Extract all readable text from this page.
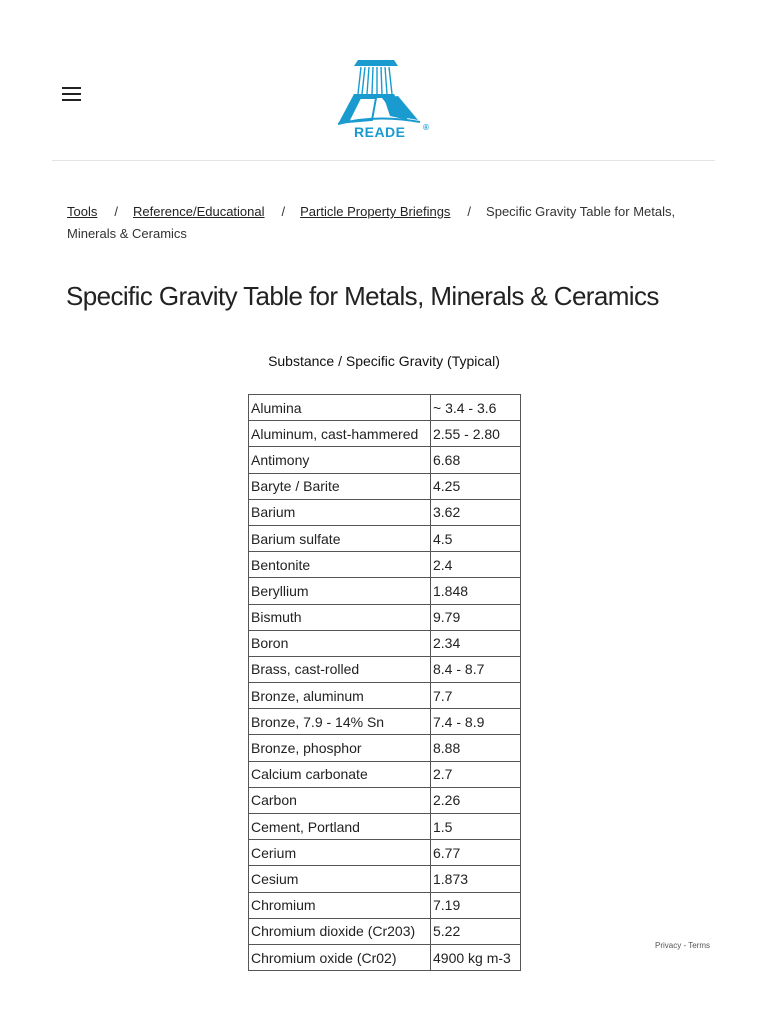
READE ®
Tools / Reference/Educational / Particle Property Briefings / Specific Gravity Table for Metals, Minerals & Ceramics
Specific Gravity Table for Metals, Minerals & Ceramics
Substance / Specific Gravity (Typical)
Alumina	~ 3.4 - 3.6
Aluminum, cast-hammered	2.55 - 2.80
Antimony	6.68
Baryte / Barite	4.25
Barium	3.62
Barium sulfate	4.5
Bentonite	2.4
Beryllium	1.848
Bismuth	9.79
Boron	2.34
Brass, cast-rolled	8.4 - 8.7
Bronze, aluminum	7.7
Bronze, 7.9 - 14% Sn	7.4 - 8.9
Bronze, phosphor	8.88
Calcium carbonate	2.7
Carbon	2.26
Cement, Portland	1.5
Cerium	6.77
Cesium	1.873
Chromium	7.19
Chromium dioxide (Cr203)	5.22
Chromium oxide (Cr02)	4900 kg m-3
Privacy - Terms
